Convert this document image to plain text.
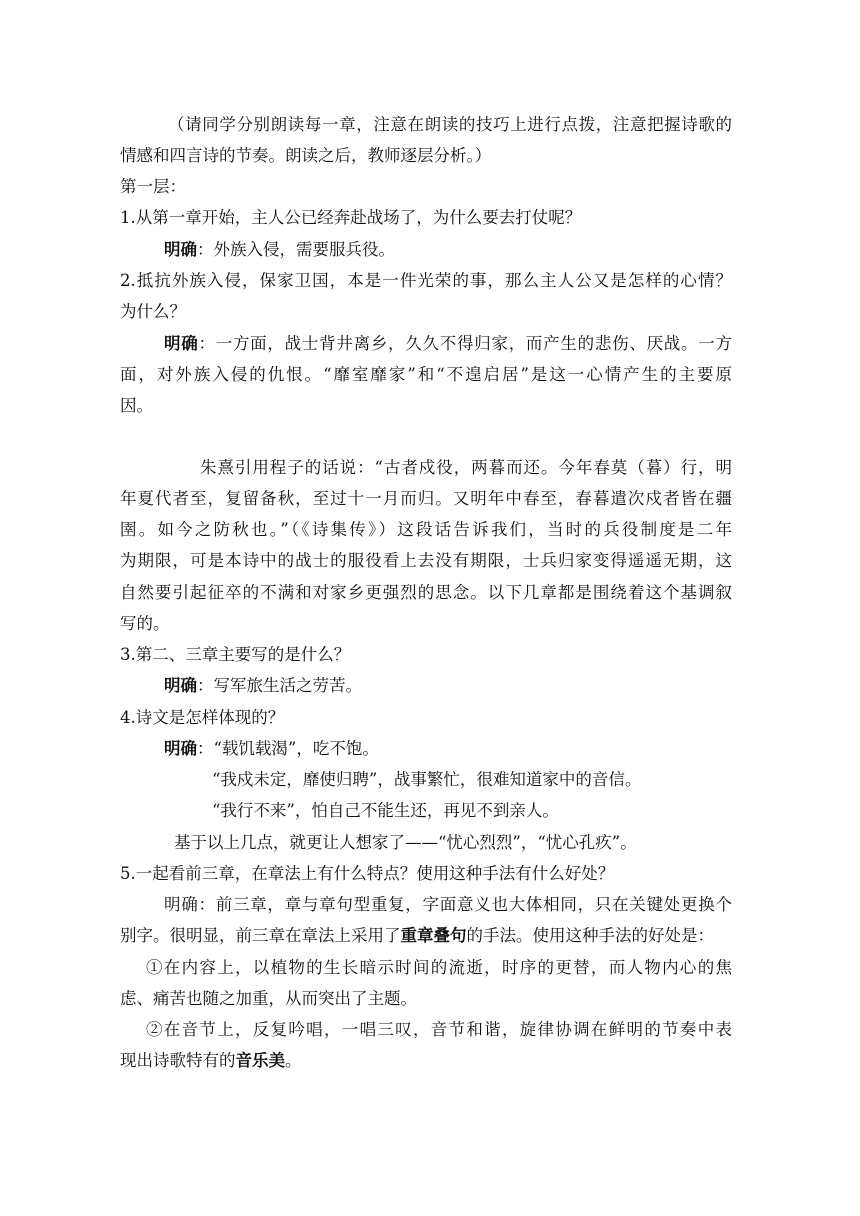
（请同学分别朗读每一章，注意在朗读的技巧上进行点拨，注意把握诗歌的
情感和四言诗的节奏。朗读之后，教师逐层分析。）
第一层：
1.从第一章开始，主人公已经奔赴战场了，为什么要去打仗呢？
明确：外族入侵，需要服兵役。
2.抵抗外族入侵，保家卫国，本是一件光荣的事，那么主人公又是怎样的心情？
为什么？
明确：一方面，战士背井离乡，久久不得归家，而产生的悲伤、厌战。一方
面，对外族入侵的仇恨。“靡室靡家”和“不遑启居”是这一心情产生的主要原
因。
朱熹引用程子的话说：“古者戍役，两暮而还。今年春莫（暮）行，明
年夏代者至，复留备秋，至过十一月而归。又明年中春至，春暮遣次戍者皆在疆
圉。如今之防秋也。”（《诗集传》）这段话告诉我们，当时的兵役制度是二年
为期限，可是本诗中的战士的服役看上去没有期限，士兵归家变得遥遥无期，这
自然要引起征卒的不满和对家乡更强烈的思念。以下几章都是围绕着这个基调叙
写的。
3.第二、三章主要写的是什么？
明确：写军旅生活之劳苦。
4.诗文是怎样体现的？
明确：“载饥载渴”，吃不饱。
“我戍未定，靡使归聘”，战事繁忙，很难知道家中的音信。
“我行不来”，怕自己不能生还，再见不到亲人。
基于以上几点，就更让人想家了——“忧心烈烈”，“忧心孔疚”。
5.一起看前三章，在章法上有什么特点？使用这种手法有什么好处？
明确：前三章，章与章句型重复，字面意义也大体相同，只在关键处更换个
别字。很明显，前三章在章法上采用了重章叠句的手法。使用这种手法的好处是：
①在内容上，以植物的生长暗示时间的流逝，时序的更替，而人物内心的焦
虑、痛苦也随之加重，从而突出了主题。
②在音节上，反复吟唱，一唱三叹，音节和谐，旋律协调在鲜明的节奏中表
现出诗歌特有的音乐美。
